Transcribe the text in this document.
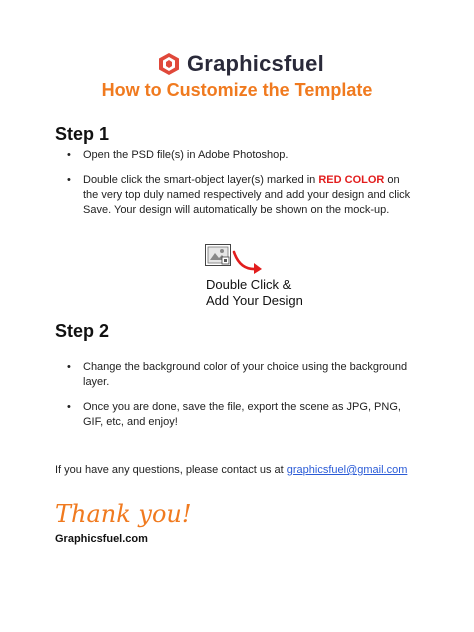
Graphicsfuel
How to Customize the Template
Step 1
• Open the PSD file(s) in Adobe Photoshop.
• Double click the smart-object layer(s) marked in RED COLOR on the very top duly named respectively and add your design and click Save. Your design will automatically be shown on the mock-up.
Double Click &
Add Your Design
Step 2
• Change the background color of your choice using the background layer.
• Once you are done, save the file, export the scene as JPG, PNG, GIF, etc, and enjoy!
If you have any questions, please contact us at graphicsfuel@gmail.com
Thank you!
Graphicsfuel.com
